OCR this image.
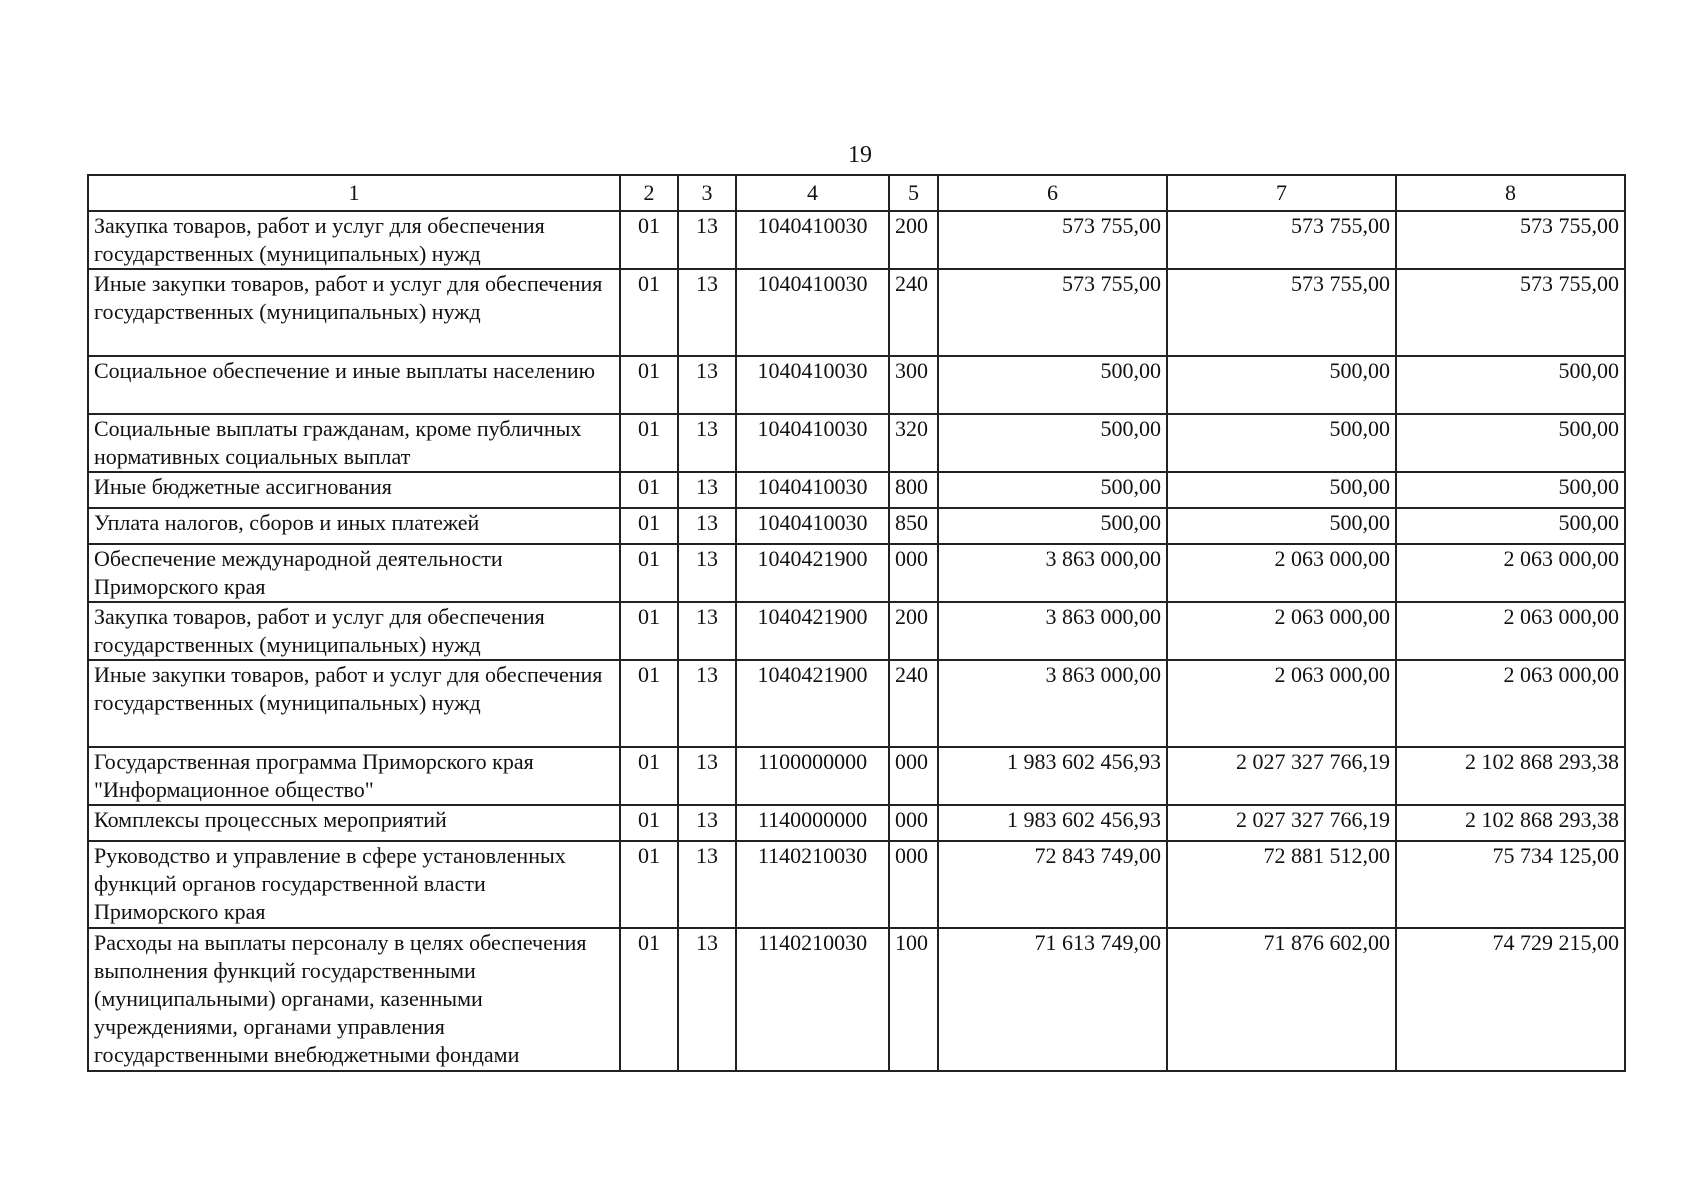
19
1	2	3	4	5	6	7	8
Закупка товаров, работ и услуг для обеспечения государственных (муниципальных) нужд	01	13	1040410030	200	573 755,00	573 755,00	573 755,00
Иные закупки товаров, работ и услуг для обеспечения государственных (муниципальных) нужд	01	13	1040410030	240	573 755,00	573 755,00	573 755,00
Социальное обеспечение и иные выплаты населению	01	13	1040410030	300	500,00	500,00	500,00
Социальные выплаты гражданам, кроме публичных нормативных социальных выплат	01	13	1040410030	320	500,00	500,00	500,00
Иные бюджетные ассигнования	01	13	1040410030	800	500,00	500,00	500,00
Уплата налогов, сборов и иных платежей	01	13	1040410030	850	500,00	500,00	500,00
Обеспечение международной деятельности Приморского края	01	13	1040421900	000	3 863 000,00	2 063 000,00	2 063 000,00
Закупка товаров, работ и услуг для обеспечения государственных (муниципальных) нужд	01	13	1040421900	200	3 863 000,00	2 063 000,00	2 063 000,00
Иные закупки товаров, работ и услуг для обеспечения государственных (муниципальных) нужд	01	13	1040421900	240	3 863 000,00	2 063 000,00	2 063 000,00
Государственная программа Приморского края "Информационное общество"	01	13	1100000000	000	1 983 602 456,93	2 027 327 766,19	2 102 868 293,38
Комплексы процессных мероприятий	01	13	1140000000	000	1 983 602 456,93	2 027 327 766,19	2 102 868 293,38
Руководство и управление в сфере установленных функций органов государственной власти Приморского края	01	13	1140210030	000	72 843 749,00	72 881 512,00	75 734 125,00
Расходы на выплаты персоналу в целях обеспечения выполнения функций государственными (муниципальными) органами, казенными учреждениями, органами управления государственными внебюджетными фондами	01	13	1140210030	100	71 613 749,00	71 876 602,00	74 729 215,00
